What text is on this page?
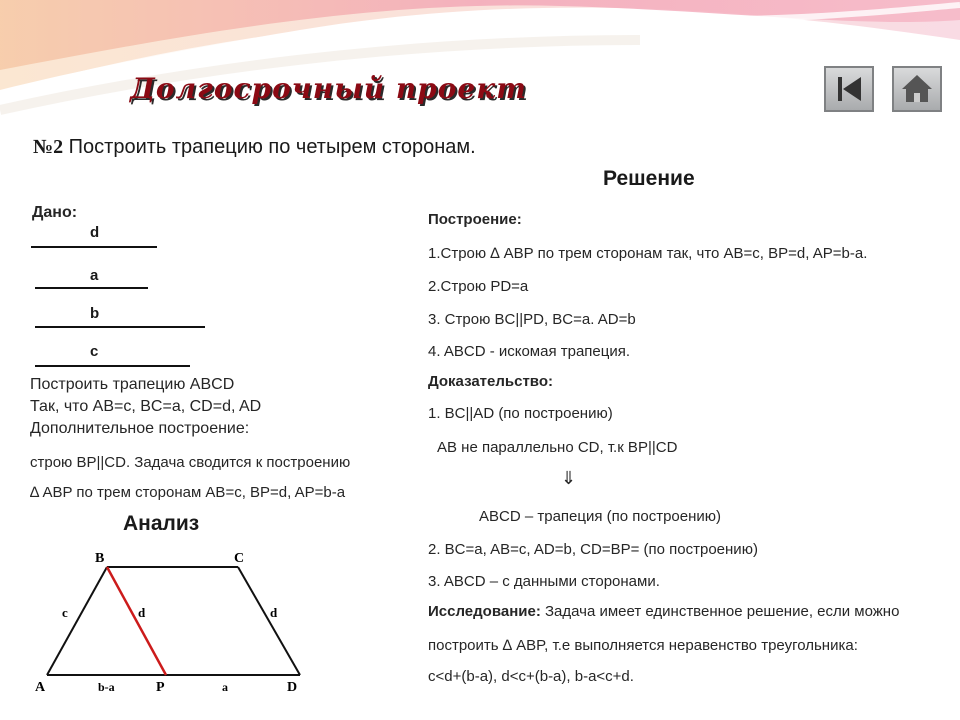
Долгосрочный проект

№2 Построить трапецию по четырем сторонам.

Решение
Дано:
d
a
b
c
Построить трапецию ABCD
Так, что AB=c, BC=a, CD=d, AD
Дополнительное построение:
строю BP||CD. Задача сводится к построению
∆ ABP по трем сторонам AB=c, BP=d, AP=b-a
Анализ
B	C
A	P	D
c	d	d
b-a	a
Построение:
1.Строю ∆ ABP по трем сторонам так, что AB=c, BP=d, AP=b-a.
2.Строю PD=a
3. Строю BC||PD, BC=a. AD=b
4. ABCD - искомая трапеция.
Доказательство:
1. BC||AD (по построению)
AB не параллельно CD, т.к BP||CD
⇓
ABCD – трапеция (по построению)
2. BC=a, AB=c, AD=b, CD=BP= (по построению)
3. ABCD – с данными сторонами.
Исследование: Задача имеет единственное решение, если можно
построить ∆ ABP, т.е выполняется неравенство треугольника:
c<d+(b-a), d<c+(b-a), b-a<c+d.
